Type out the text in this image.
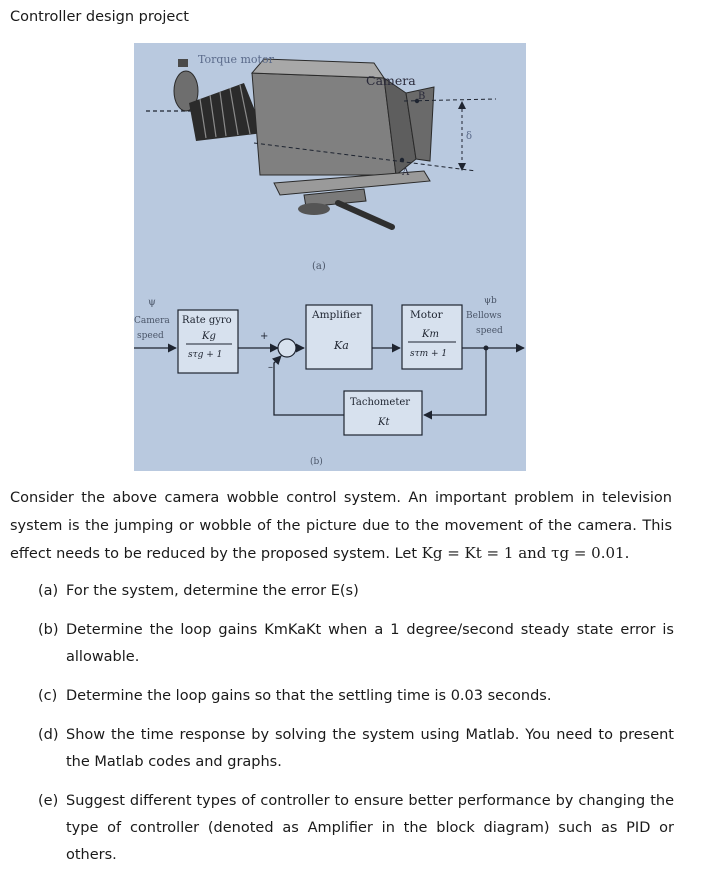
Controller design project
Torque motor
Camera
B
A
δ
(a)
ψ
Camera
speed
Rate gyro
Kg
sτg + 1
+
–
Amplifier
Ka
Motor
Km
sτm + 1
ψb
Bellows
speed
Tachometer
Kt
(b)
Consider the above camera wobble control system. An important problem in television system is the jumping or wobble of the picture due to the movement of the camera. This effect needs to be reduced by the proposed system. Let Kg = Kt = 1 and τg = 0.01.
(a) For the system, determine the error E(s)
(b) Determine the loop gains KmKaKt when a 1 degree/second steady state error is allowable.
(c) Determine the loop gains so that the settling time is 0.03 seconds.
(d) Show the time response by solving the system using Matlab. You need to present the Matlab codes and graphs.
(e) Suggest different types of controller to ensure better performance by changing the type of controller (denoted as Amplifier in the block diagram) such as PID or others.
